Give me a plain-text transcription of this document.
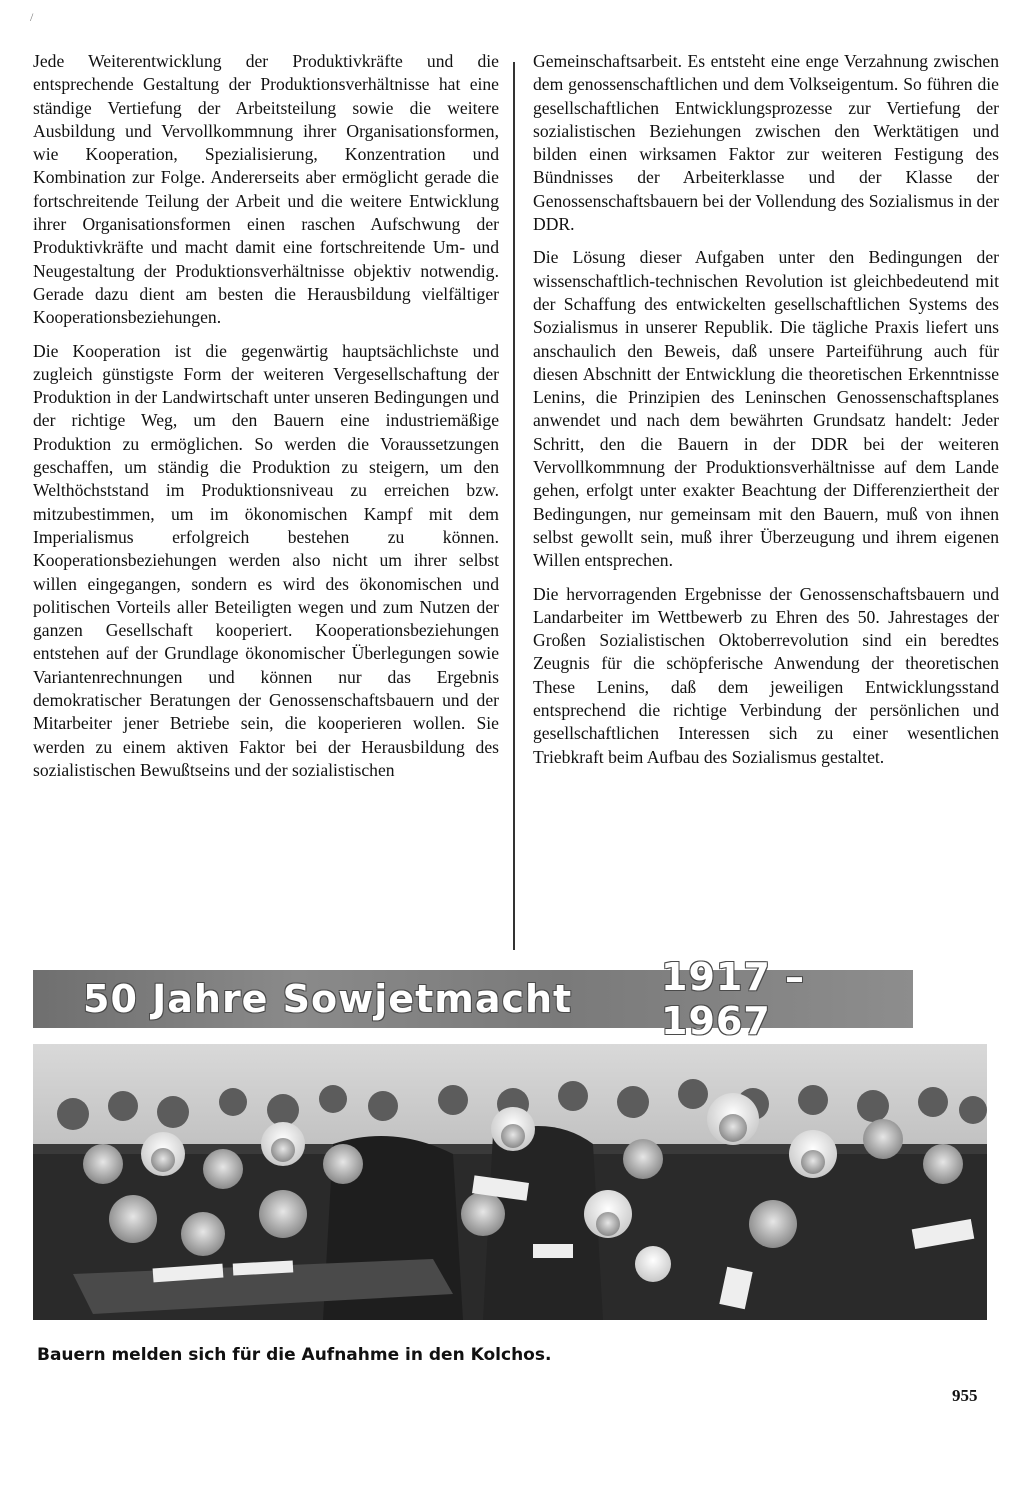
/

Jede Weiterentwicklung der Produktivkräfte und die entsprechende Gestaltung der Produktionsverhältnisse hat eine ständige Vertiefung der Arbeitsteilung sowie die weitere Ausbildung und Vervollkommnung ihrer Organisationsformen, wie Kooperation, Spezialisierung, Konzentration und Kombination zur Folge. Andererseits aber ermöglicht gerade die fortschreitende Teilung der Arbeit und die weitere Entwicklung ihrer Organisationsformen einen raschen Aufschwung der Produktivkräfte und macht damit eine fortschreitende Um- und Neugestaltung der Produktionsverhältnisse objektiv notwendig. Gerade dazu dient am besten die Herausbildung vielfältiger Kooperationsbeziehungen.

Die Kooperation ist die gegenwärtig hauptsächlichste und zugleich günstigste Form der weiteren Vergesellschaftung der Produktion in der Landwirtschaft unter unseren Bedingungen und der richtige Weg, um den Bauern eine industriemäßige Produktion zu ermöglichen. So werden die Voraussetzungen geschaffen, um ständig die Produktion zu steigern, um den Welthöchststand im Produktionsniveau zu erreichen bzw. mitzubestimmen, um im ökonomischen Kampf mit dem Imperialismus erfolgreich bestehen zu können. Kooperationsbeziehungen werden also nicht um ihrer selbst willen eingegangen, sondern es wird des ökonomischen und politischen Vorteils aller Beteiligten wegen und zum Nutzen der ganzen Gesellschaft kooperiert. Kooperationsbeziehungen entstehen auf der Grundlage ökonomischer Überlegungen sowie Variantenrechnungen und können nur das Ergebnis demokratischer Beratungen der Genossenschaftsbauern und der Mitarbeiter jener Betriebe sein, die kooperieren wollen. Sie werden zu einem aktiven Faktor bei der Herausbildung des sozialistischen Bewußtseins und der sozialistischen

Gemeinschaftsarbeit. Es entsteht eine enge Verzahnung zwischen dem genossenschaftlichen und dem Volkseigentum. So führen die gesellschaftlichen Entwicklungsprozesse zur Vertiefung der sozialistischen Beziehungen zwischen den Werktätigen und bilden einen wirksamen Faktor zur weiteren Festigung des Bündnisses der Arbeiterklasse und der Klasse der Genossenschaftsbauern bei der Vollendung des Sozialismus in der DDR.

Die Lösung dieser Aufgaben unter den Bedingungen der wissenschaftlich-technischen Revolution ist gleichbedeutend mit der Schaffung des entwickelten gesellschaftlichen Systems des Sozialismus in unserer Republik. Die tägliche Praxis liefert uns anschaulich den Beweis, daß unsere Parteiführung auch für diesen Abschnitt der Entwicklung die theoretischen Erkenntnisse Lenins, die Prinzipien des Leninschen Genossenschaftsplanes anwendet und nach dem bewährten Grundsatz handelt: Jeder Schritt, den die Bauern in der DDR bei der weiteren Vervollkommnung der Produktionsverhältnisse auf dem Lande gehen, erfolgt unter exakter Beachtung der Differenziertheit der Bedingungen, nur gemeinsam mit den Bauern, muß von ihnen selbst gewollt sein, muß ihrer Überzeugung und ihrem eigenen Willen entsprechen.

Die hervorragenden Ergebnisse der Genossenschaftsbauern und Landarbeiter im Wettbewerb zu Ehren des 50. Jahrestages der Großen Sozialistischen Oktoberrevolution sind ein beredtes Zeugnis für die schöpferische Anwendung der theoretischen These Lenins, daß dem jeweiligen Entwicklungsstand entsprechend die richtige Verbindung der persönlichen und gesellschaftlichen Interessen sich zu einer wesentlichen Triebkraft beim Aufbau des Sozialismus gestaltet.

50 Jahre Sowjetmacht 1917 – 1967
Bauern melden sich für die Aufnahme in den Kolchos.
955
